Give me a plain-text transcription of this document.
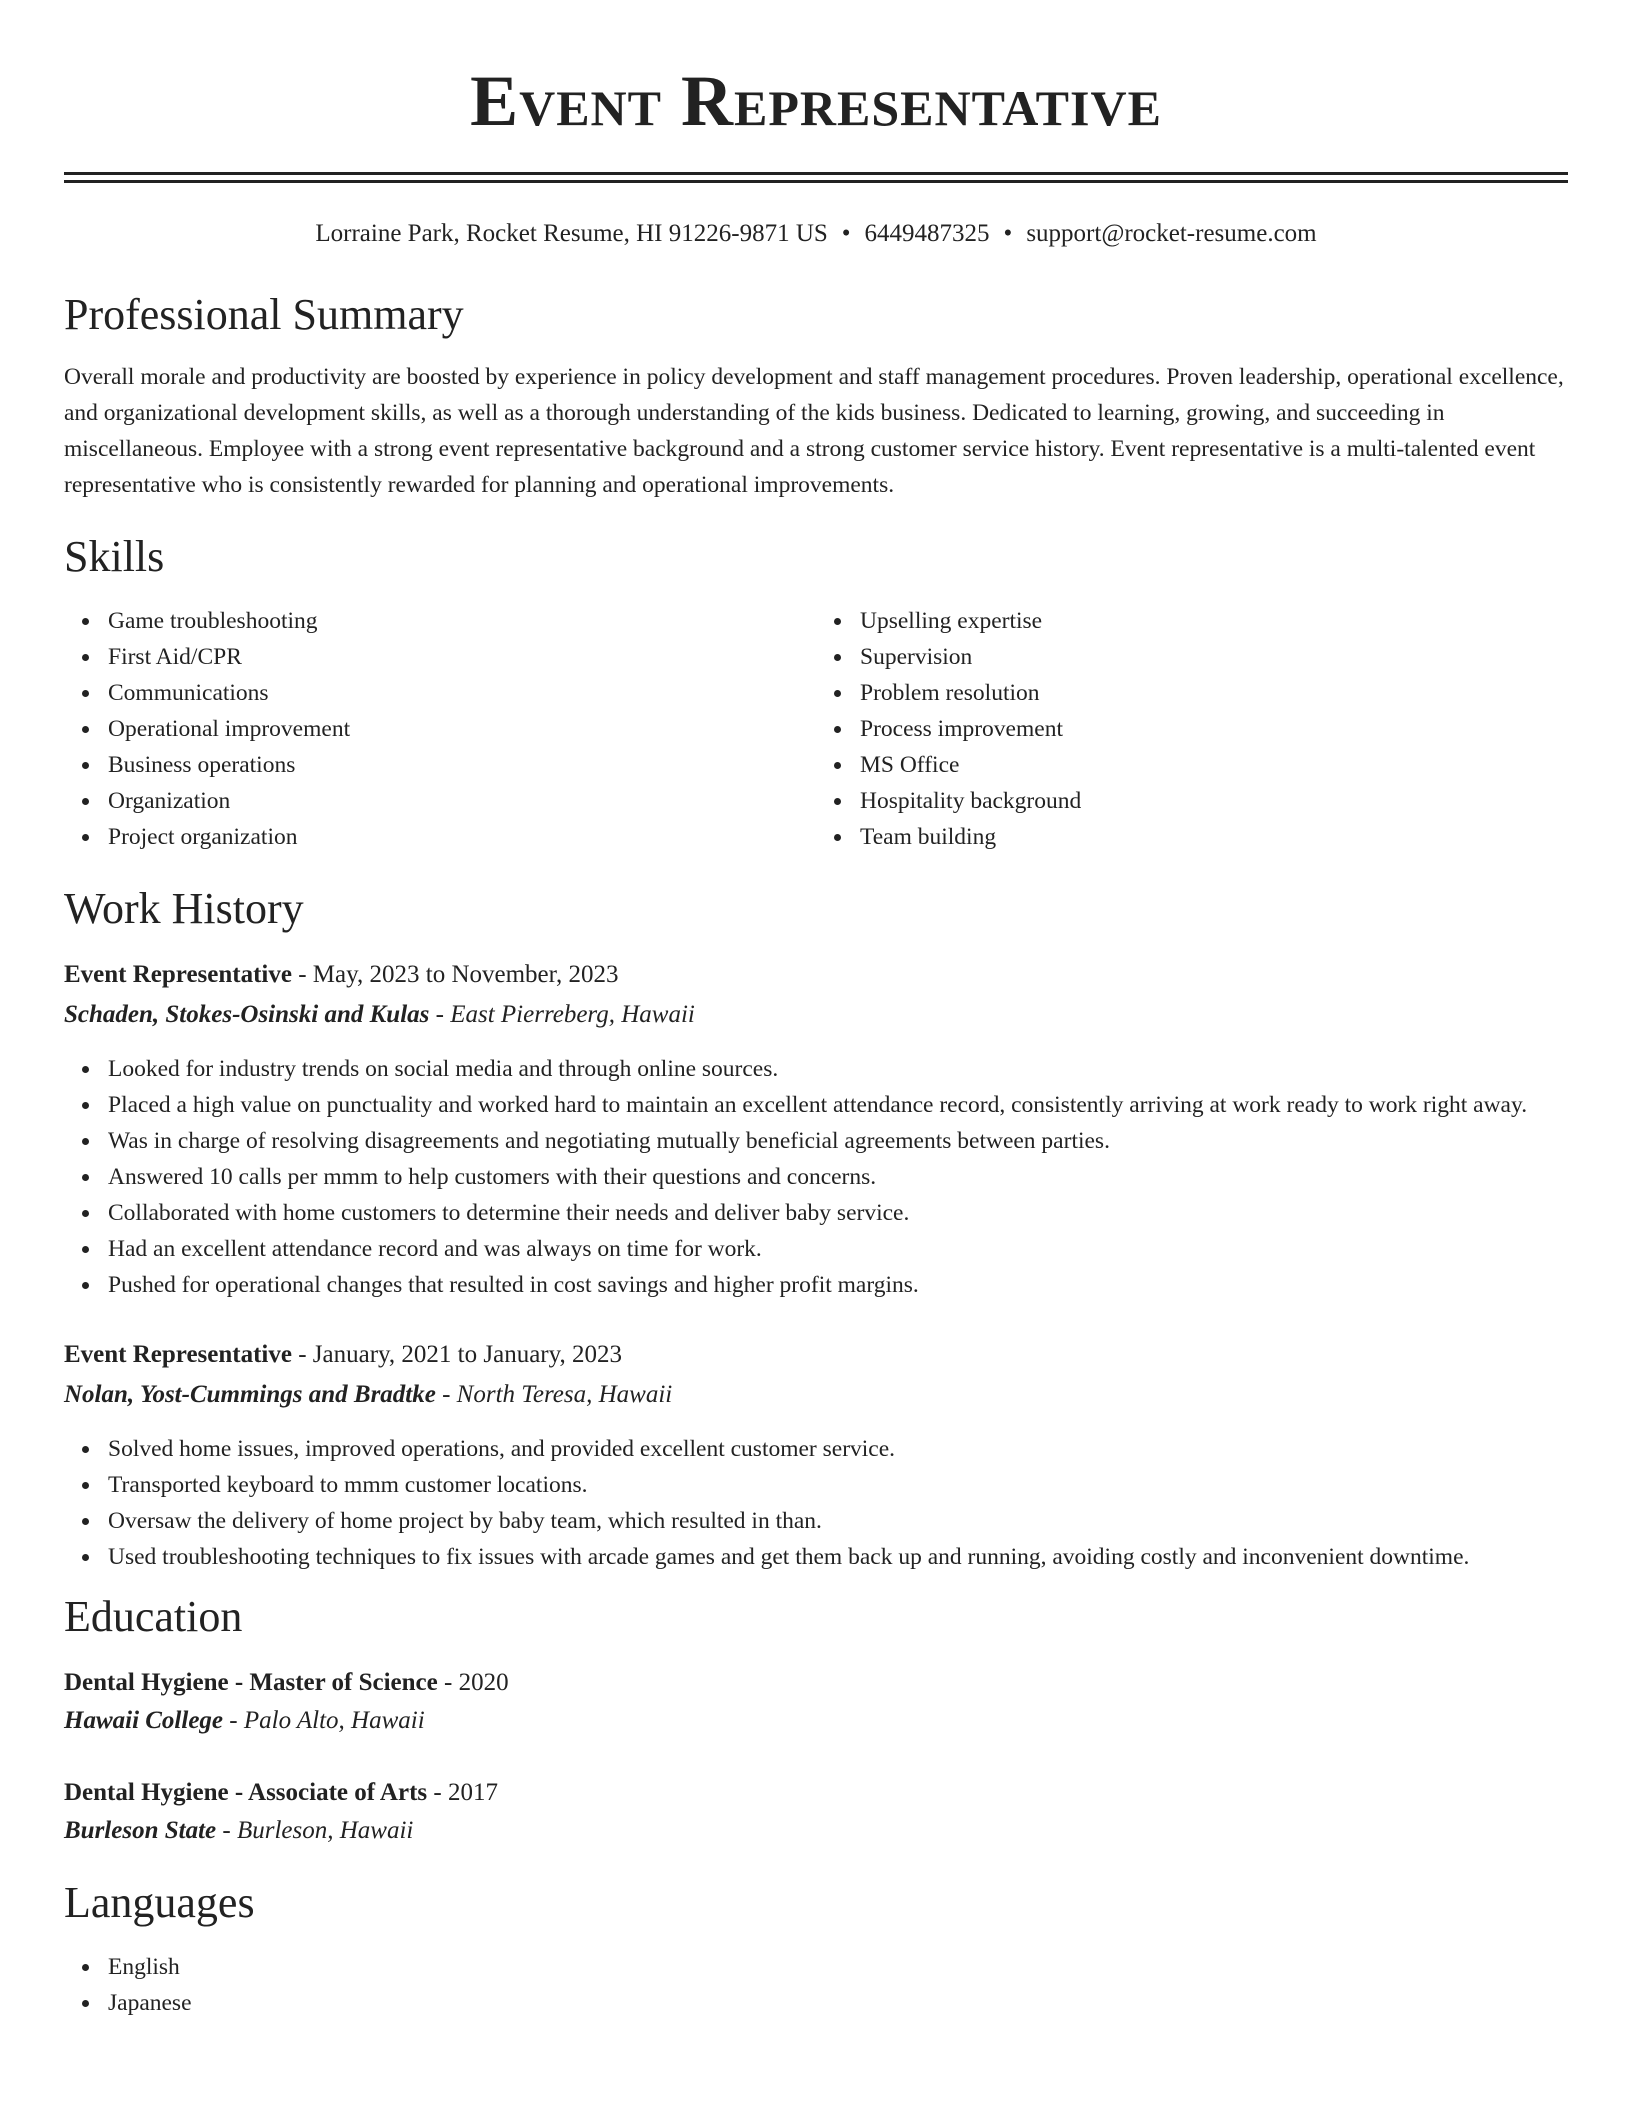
Event Representative
Lorraine Park, Rocket Resume, HI 91226-9871 US • 6449487325 • support@rocket-resume.com
Professional Summary
Overall morale and productivity are boosted by experience in policy development and staff management procedures. Proven leadership, operational excellence, and organizational development skills, as well as a thorough understanding of the kids business. Dedicated to learning, growing, and succeeding in miscellaneous. Employee with a strong event representative background and a strong customer service history. Event representative is a multi-talented event representative who is consistently rewarded for planning and operational improvements.
Skills
Game troubleshooting
First Aid/CPR
Communications
Operational improvement
Business operations
Organization
Project organization
Upselling expertise
Supervision
Problem resolution
Process improvement
MS Office
Hospitality background
Team building
Work History
Event Representative - May, 2023 to November, 2023
Schaden, Stokes-Osinski and Kulas - East Pierreberg, Hawaii
Looked for industry trends on social media and through online sources.
Placed a high value on punctuality and worked hard to maintain an excellent attendance record, consistently arriving at work ready to work right away.
Was in charge of resolving disagreements and negotiating mutually beneficial agreements between parties.
Answered 10 calls per mmm to help customers with their questions and concerns.
Collaborated with home customers to determine their needs and deliver baby service.
Had an excellent attendance record and was always on time for work.
Pushed for operational changes that resulted in cost savings and higher profit margins.
Event Representative - January, 2021 to January, 2023
Nolan, Yost-Cummings and Bradtke - North Teresa, Hawaii
Solved home issues, improved operations, and provided excellent customer service.
Transported keyboard to mmm customer locations.
Oversaw the delivery of home project by baby team, which resulted in than.
Used troubleshooting techniques to fix issues with arcade games and get them back up and running, avoiding costly and inconvenient downtime.
Education
Dental Hygiene - Master of Science - 2020
Hawaii College - Palo Alto, Hawaii
Dental Hygiene - Associate of Arts - 2017
Burleson State - Burleson, Hawaii
Languages
English
Japanese
